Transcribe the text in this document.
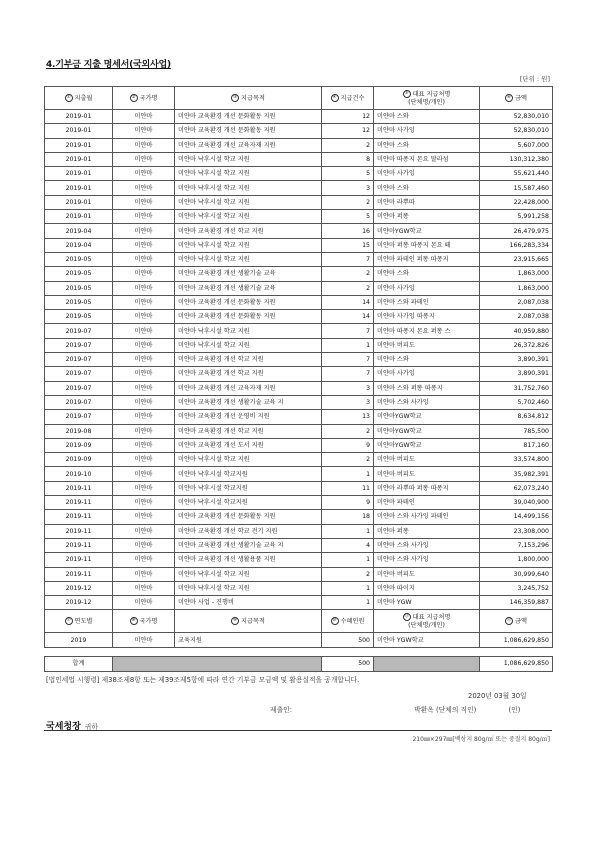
4.기부금 지출 명세서(국외사업)
[단위 : 원]
① 지출월	② 국가명	③ 지급목적	④ 지급건수	⑤ 대표 지급처명
(단체명/개인)	⑥ 금액
2019-01	미얀마	미얀마 교육환경 개선 문화활동 지원	12	미얀마 스와	52,830,010
2019-01	미얀마	미얀마 교육환경 개선 문화활동 지원	12	미얀마 사가잉	52,830,010
2019-01	미얀마	미얀마 교육환경 개선 교육자재 지원	2	미얀마 스와	5,607,000
2019-01	미얀마	미얀마 낙후시설 학교 지원	8	미얀마 따퐁지 몬요 딸라섬	130,312,380
2019-01	미얀마	미얀마 낙후시설 학교 지원	5	미얀마 사가잉	55,621,440
2019-01	미얀마	미얀마 낙후시설 학교 지원	3	미얀마 스와	15,587,460
2019-01	미얀마	미얀마 낙후시설 학교 지원	2	미얀마 라뿌따	22,428,000
2019-01	미얀마	미얀마 낙후시설 학교 지원	5	미얀마 퍼똥	5,991,258
2019-04	미얀마	미얀마 교육환경 개선 학교 지원	16	미얀마YGW학교	26,479,975
2019-04	미얀마	미얀마 낙후시설 학교 지원	15	미얀마 퍼똥 따퐁지 몬요 떼	166,283,334
2019-05	미얀마	미얀마 낙후시설 학교 지원	7	미얀마 파테인 퍼똥 따퐁지	23,915,665
2019-05	미얀마	미얀마 교육환경 개선 생활기술 교육	2	미얀마 스와	1,863,000
2019-05	미얀마	미얀마 교육환경 개선 생활기술 교육	2	미얀마 사가잉	1,863,000
2019-05	미얀마	미얀마 교육환경 개선 문화활동 지원	14	미얀마 스와 파테인	2,087,038
2019-05	미얀마	미얀마 교육환경 개선 문화활동 지원	14	미얀마 사가잉 따퐁지	2,087,038
2019-07	미얀마	미얀마 낙후시설 학교 지원	7	미얀마 따퐁지 몬요 퍼똥 스	40,959,880
2019-07	미얀마	미얀마 낙후시설 학교 지원	1	미얀마 버피도	26,372,826
2019-07	미얀마	미얀마 교육환경 개선 학교 지원	7	미얀마 스와	3,890,391
2019-07	미얀마	미얀마 교육환경 개선 학교 지원	7	미얀마 사가잉	3,890,391
2019-07	미얀마	미얀마 교육환경 개선 교육자재 지원	3	미얀마 스와 퍼똥 따퐁지	31,752,760
2019-07	미얀마	미얀마 교육환경 개선 생활기술 교육 지	3	미얀마 스와 사가잉	5,702,460
2019-07	미얀마	미얀마 교육환경 개선 운영비 지원	13	미얀마YGW학교	8,634,812
2019-08	미얀마	미얀마 교육환경 개선 학교 지원	2	미얀마YGW학교	785,500
2019-09	미얀마	미얀마 교육환경 개선 도서 지원	9	미얀마YGW학교	817,160
2019-09	미얀마	미얀마 낙후시설 학교 지원	2	미얀마 버피도	33,574,800
2019-10	미얀마	미얀마 낙후시설 학교지원	1	미얀마 버피도	35,982,391
2019-11	미얀마	미얀마 낙후시설 학교지원	11	미얀마 라뿌따 퍼똥 따퐁지	62,073,240
2019-11	미얀마	미얀마 낙후시설 학교지원	9	미얀마 파테인	39,040,900
2019-11	미얀마	미얀마 교육환경 개선 문화활동 지원	18	미얀마 스와 사가잉 파테인	14,499,156
2019-11	미얀마	미얀마 교육환경 개선 학교 전기 지원	1	미얀마 퍼똥	23,308,000
2019-11	미얀마	미얀마 교육환경 개선 생활기술 교육 지	4	미얀마 스와 사가잉	7,153,296
2019-11	미얀마	미얀마 교육환경 개선 생활용품 지원	1	미얀마 스와 사가잉	1,800,000
2019-11	미얀마	미얀마 낙후시설 학교 지원	2	미얀마 버피도	30,999,640
2019-12	미얀마	미얀마 낙후시설 학교 지원	1	미얀마 따이지	3,245,752
2019-12	미얀마	미얀마 사업 - 진행비	1	미얀마 YGW	146,359,887
⑦ 연도별	⑧ 국가명	⑨ 지급목적	⑩ 수혜인원	⑪ 대표 지급처명
(단체명/개인)	⑫ 금액
2019	미얀마	교육지원	500	미얀마 YGW학교	1,086,629,850

합계			500		1,086,629,850
[법인세법 시행령] 제38조제8항 또는 제39조제5항에 따라 연간 기부금 모금액 및 활용실적을 공개합니다.
2020년 03월 30일
제출인:	박환옥 (단체의 직인)	(인)
국세청장 귀하
210㎜×297㎜[백상지 80g/㎡ 또는 중질지 80g/㎡]
